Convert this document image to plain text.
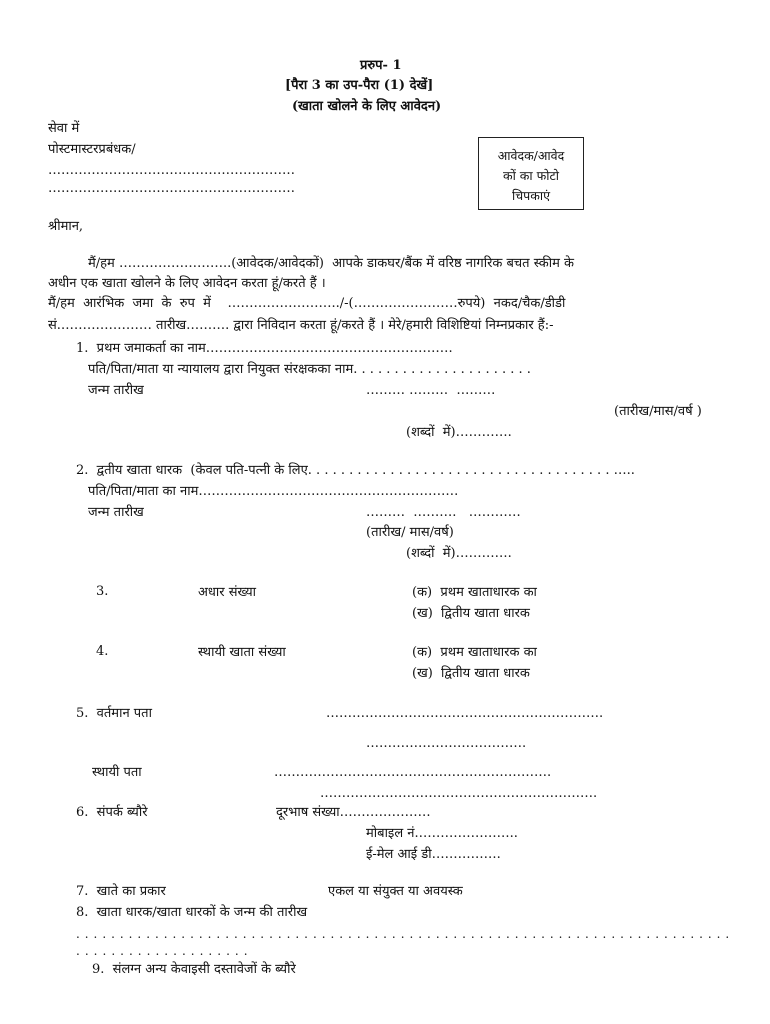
प्ररुप- 1
[पैरा 3 का उप-पैरा (1) देखें]
(खाता खोलने के लिए आवेदन)
सेवा में
पोस्टमास्टरप्रबंधक/
…………………………………………………
…………………………………………………
आवेदक/आवेद
कों का फोटो
चिपकाएं
श्रीमान,
मैं/हम ……………………..(आवेदक/आवेदकों)  आपके डाकघर/बैंक में वरिष्ठ नागरिक बचत स्कीम के
अधीन एक खाता खोलने के लिए आवेदन करता हूं/करते हैं ।
मैं/हम  आरंभिक  जमा  के  रुप  में    ……………………../-(……………………रुपये)  नकद/चैक/डीडी
सं.………………… तारीख………. द्वारा निविदान करता हूं/करते हैं । मेरे/हमारी विशिष्टियां निम्नप्रकार हैं:-
1.  प्रथम जमाकर्ता का नाम…………………………………………………
पति/पिता/माता या न्यायालय द्वारा नियुक्त संरक्षकका नाम. . . . . . . . . . . . . . . . . . . . . .
जन्म तारीख	……… ………  ………
(तारीख/मास/वर्ष )
(शब्दों  में)………….
2.  द्वतीय खाता धारक  (केवल पति-पत्नी के लिए. . . . . . . . . . . . . . . . . . . . . . . . . . . . . . . . . . . . . …..
पति/पिता/माता का नाम……………………………………………………
जन्म तारीख	………  ……….   …………
(तारीख/ मास/वर्ष)
(शब्दों  में)………….
3.	अधार संख्या	(क)  प्रथम खाताधारक का
(ख)  द्वितीय खाता धारक
4.	स्थायी खाता संख्या	(क)  प्रथम खाताधारक का
(ख)  द्वितीय खाता धारक
5.  वर्तमान पता	……………………………………………………….
……………………………….
स्थायी पता	……………………………………………………….
……………………………………………………….
6.  संपर्क ब्यौरे	दूरभाष संख्या…………………
मोबाइल नं.…………………..
ई-मेल आई डी…………….
7.  खाते का प्रकार	एकल या संयुक्त या अवयस्क
8.  खाता धारक/खाता धारकों के जन्म की तारीख
. . . . . . . . . . . . . . . . . . . . . . . . . . . . . . . . . . . . . . . . . . . . . . . . . . . . . . . . . . . . . . . . . . . . . . . . . . .
. . . . . . . . . . . . . . . . . . . .
9.  संलग्न अन्य केवाइसी दस्तावेजों के ब्यौरे
